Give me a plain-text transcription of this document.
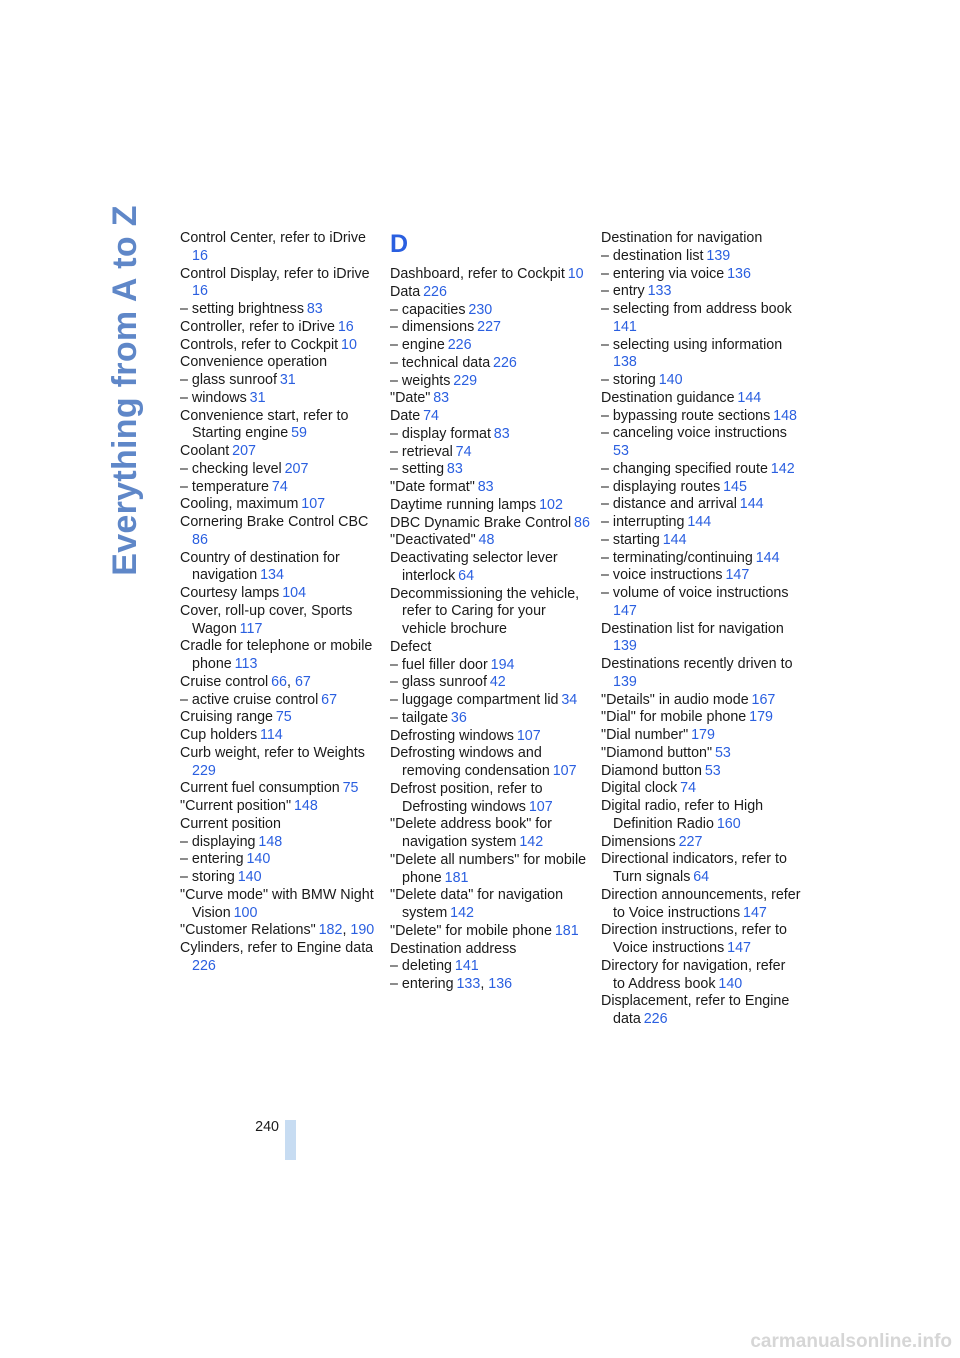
Everything from A to Z	Control Center, refer to iDrive 16
Control Display, refer to iDrive 16
– setting brightness  83
Controller, refer to iDrive  16
Controls, refer to Cockpit  10
Convenience operation
– glass sunroof  31
– windows  31
Convenience start, refer to Starting engine  59
Coolant  207
– checking level  207
– temperature  74
Cooling, maximum  107
Cornering Brake Control CBC 86
Country of destination for navigation  134
Courtesy lamps  104
Cover, roll-up cover, Sports Wagon  117
Cradle for telephone or mobile phone  113
Cruise control  66, 67
– active cruise control  67
Cruising range  75
Cup holders  114
Curb weight, refer to Weights 229
Current fuel consumption  75
"Current position"  148
Current position
– displaying  148
– entering  140
– storing  140
"Curve mode" with BMW Night Vision  100
"Customer Relations"  182, 190
Cylinders, refer to Engine data 226
D
Dashboard, refer to Cockpit  10
Data  226
– capacities  230
– dimensions  227
– engine  226
– technical data  226
– weights  229
"Date"  83
Date  74
– display format  83
– retrieval  74
– setting  83
"Date format"  83
Daytime running lamps  102
DBC Dynamic Brake Control  86
"Deactivated"  48
Deactivating selector lever interlock  64
Decommissioning the vehicle, refer to Caring for your vehicle brochure
Defect
– fuel filler door  194
– glass sunroof  42
– luggage compartment lid  34
– tailgate  36
Defrosting windows  107
Defrosting windows and removing condensation  107
Defrost position, refer to Defrosting windows  107
"Delete address book" for navigation system  142
"Delete all numbers" for mobile phone  181
"Delete data" for navigation system  142
"Delete" for mobile phone  181
Destination address
– deleting  141
– entering  133, 136
Destination for navigation
– destination list  139
– entering via voice  136
– entry  133
– selecting from address book 141
– selecting using information 138
– storing  140
Destination guidance  144
– bypassing route sections  148
– canceling voice instructions 53
– changing specified route  142
– displaying routes  145
– distance and arrival  144
– interrupting  144
– starting  144
– terminating/continuing  144
– voice instructions  147
– volume of voice instructions 147
Destination list for navigation 139
Destinations recently driven to 139
"Details" in audio mode  167
"Dial" for mobile phone  179
"Dial number"  179
"Diamond button"  53
Diamond button  53
Digital clock  74
Digital radio, refer to High Definition Radio  160
Dimensions  227
Directional indicators, refer to Turn signals  64
Direction announcements, refer to Voice instructions  147
Direction instructions, refer to Voice instructions  147
Directory for navigation, refer to Address book  140
Displacement, refer to Engine data  226
240
carmanualsonline.info
